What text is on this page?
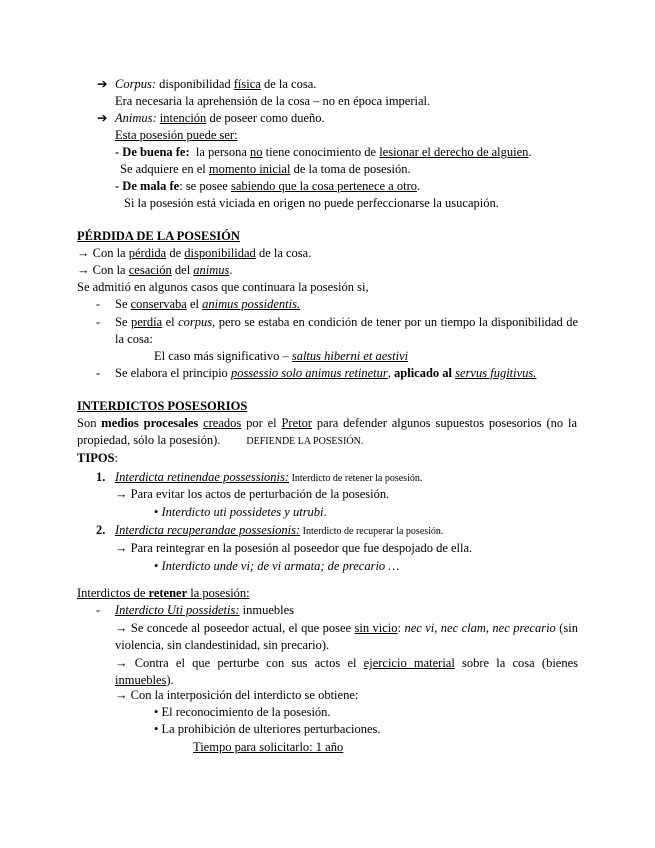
➔ Corpus: disponibilidad física de la cosa.
Era necesaria la aprehensión de la cosa – no en época imperial.
➔ Animus: intención de poseer como dueño.
Esta posesión puede ser:
- De buena fe:  la persona no tiene conocimiento de lesionar el derecho de alguien.
Se adquiere en el momento inicial de la toma de posesión.
- De mala fe: se posee sabiendo que la cosa pertenece a otro.
Si la posesión está viciada en origen no puede perfeccionarse la usucapión.
PÉRDIDA DE LA POSESIÓN
→ Con la pérdida de disponibilidad de la cosa.
→ Con la cesación del animus.
Se admitió en algunos casos que continuara la posesión si,
- Se conservaba el animus possidentis.
- Se perdía el corpus, pero se estaba en condición de tener por un tiempo la disponibilidad de la cosa:
El caso más significativo – saltus hiberni et aestivi
- Se elabora el principio possessio solo animus retinetur, aplicado al servus fugitivus.
INTERDICTOS POSESORIOS
Son medios procesales creados por el Pretor para defender algunos supuestos posesorios (no la propiedad, sólo la posesión).	DEFIENDE LA POSESIÓN.
TIPOS:
1. Interdicta retinendae possessionis: Interdicto de retener la posesión.
→ Para evitar los actos de perturbación de la posesión.
• Interdicto uti possidetes y utrubi.
2. Interdicta recuperandae possesionis: Interdicto de recuperar la posesión.
→ Para reintegrar en la posesión al poseedor que fue despojado de ella.
• Interdicto unde vi; de vi armata; de precario …
Interdictos de retener la posesión:
- Interdicto Uti possidetis: inmuebles
→ Se concede al poseedor actual, el que posee sin vicio: nec vi, nec clam, nec precario (sin violencia, sin clandestinidad, sin precario).
→ Contra el que perturbe con sus actos el ejercicio material sobre la cosa (bienes inmuebles).
→ Con la interposición del interdicto se obtiene:
• El reconocimiento de la posesión.
• La prohibición de ulteriores perturbaciones.
Tiempo para solicitarlo: 1 año
